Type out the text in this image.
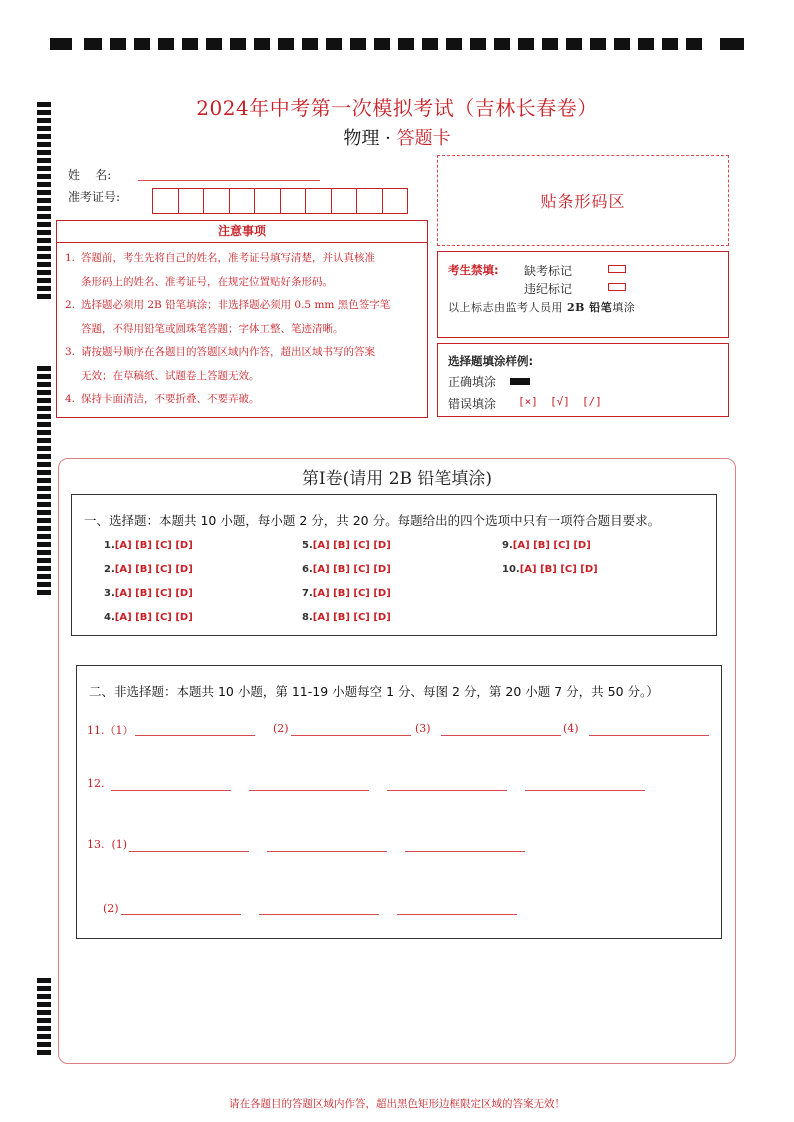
2024年中考第一次模拟考试（吉林长春卷）
物理 · 答题卡
姓    名:
准考证号:	贴条形码区
注意事项
1. 答题前，考生先将自己的姓名，准考证号填写清楚，并认真核准
条形码上的姓名、准考证号，在规定位置贴好条形码。
2. 选择题必须用 2B 铅笔填涂；非选择题必须用 0.5 mm 黑色签字笔
答题，不得用铅笔或圆珠笔答题；字体工整、笔迹清晰。
3. 请按题号顺序在各题目的答题区域内作答，超出区域书写的答案
无效；在草稿纸、试题卷上答题无效。
4. 保持卡面清洁，不要折叠、不要弄破。
考生禁填: 缺考标记
违纪标记
以上标志由监考人员用 2B 铅笔填涂
选择题填涂样例:
正确填涂
错误填涂 [×] [√] [/]
第Ⅰ卷(请用 2B 铅笔填涂)
一、选择题：本题共 10 小题，每小题 2 分，共 20 分。每题给出的四个选项中只有一项符合题目要求。
1.[A] [B] [C] [D]
2.[A] [B] [C] [D]
3.[A] [B] [C] [D]
4.[A] [B] [C] [D]
5.[A] [B] [C] [D]
6.[A] [B] [C] [D]
7.[A] [B] [C] [D]
8.[A] [B] [C] [D]
9.[A] [B] [C] [D]
10.[A] [B] [C] [D]
二、非选择题：本题共 10 小题，第 11-19 小题每空 1 分、每图 2 分，第 20 小题 7 分，共 50 分。）
11.（1）	(2)	(3)	(4)
12.
13.  (1)
(2)
请在各题目的答题区域内作答，超出黑色矩形边框限定区域的答案无效！
